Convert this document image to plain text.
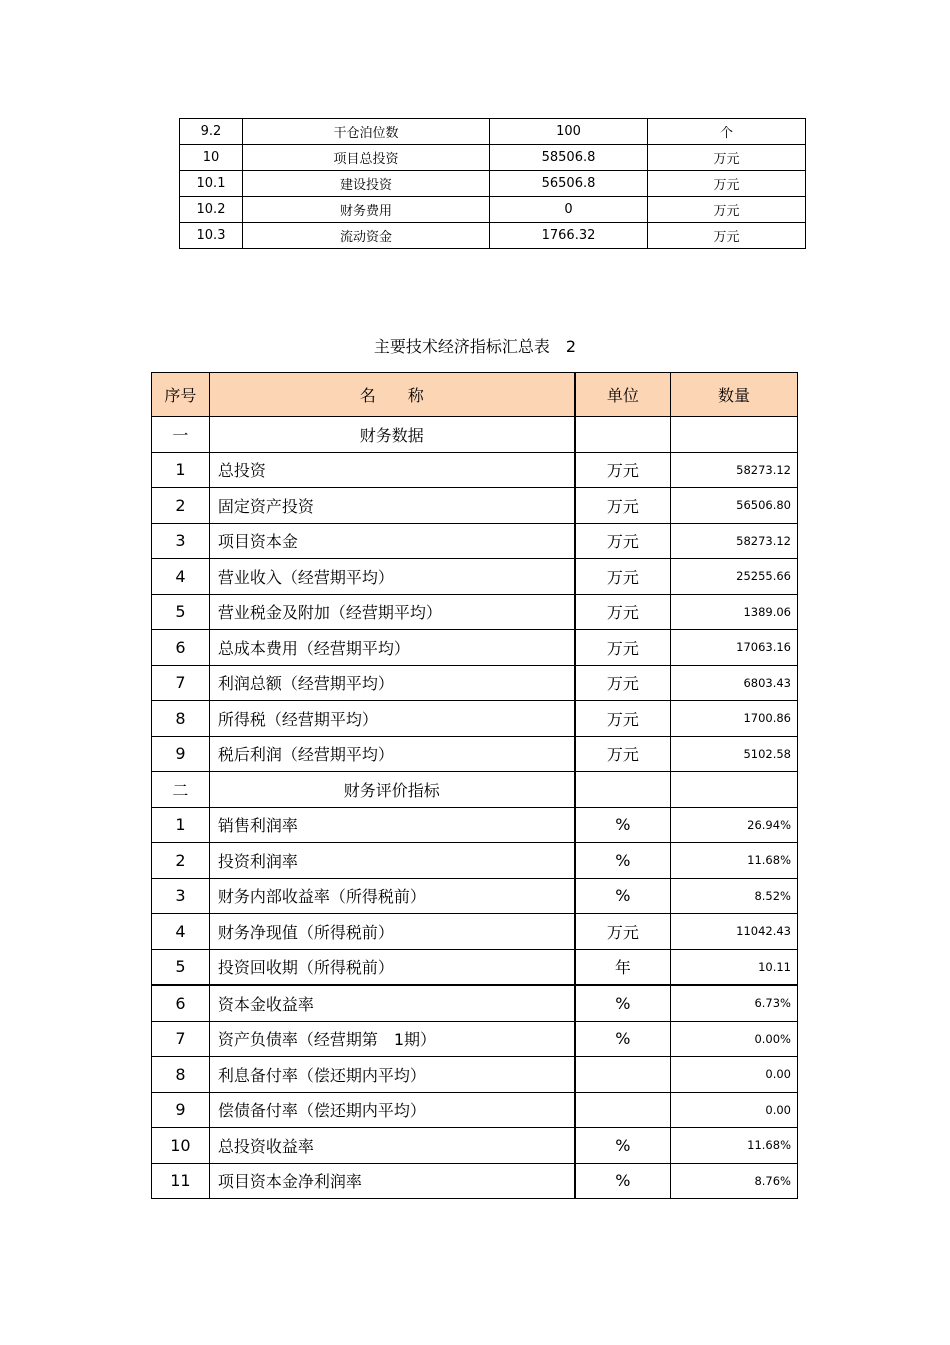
9.2	干仓泊位数	100	个
10	项目总投资	58506.8	万元
10.1	建设投资	56506.8	万元
10.2	财务费用	0	万元
10.3	流动资金	1766.32	万元
主要技术经济指标汇总表　2
序号	名　　称	单位	数量
一	财务数据		
1	总投资	万元	58273.12
2	固定资产投资	万元	56506.80
3	项目资本金	万元	58273.12
4	营业收入（经营期平均）	万元	25255.66
5	营业税金及附加（经营期平均）	万元	1389.06
6	总成本费用（经营期平均）	万元	17063.16
7	利润总额（经营期平均）	万元	6803.43
8	所得税（经营期平均）	万元	1700.86
9	税后利润（经营期平均）	万元	5102.58
二	财务评价指标		
1	销售利润率	%	26.94%
2	投资利润率	%	11.68%
3	财务内部收益率（所得税前）	%	8.52%
4	财务净现值（所得税前）	万元	11042.43
5	投资回收期（所得税前）	年	10.11
6	资本金收益率	%	6.73%
7	资产负债率（经营期第　1期）	%	0.00%
8	利息备付率（偿还期内平均）		0.00
9	偿债备付率（偿还期内平均）		0.00
10	总投资收益率	%	11.68%
11	项目资本金净利润率	%	8.76%
